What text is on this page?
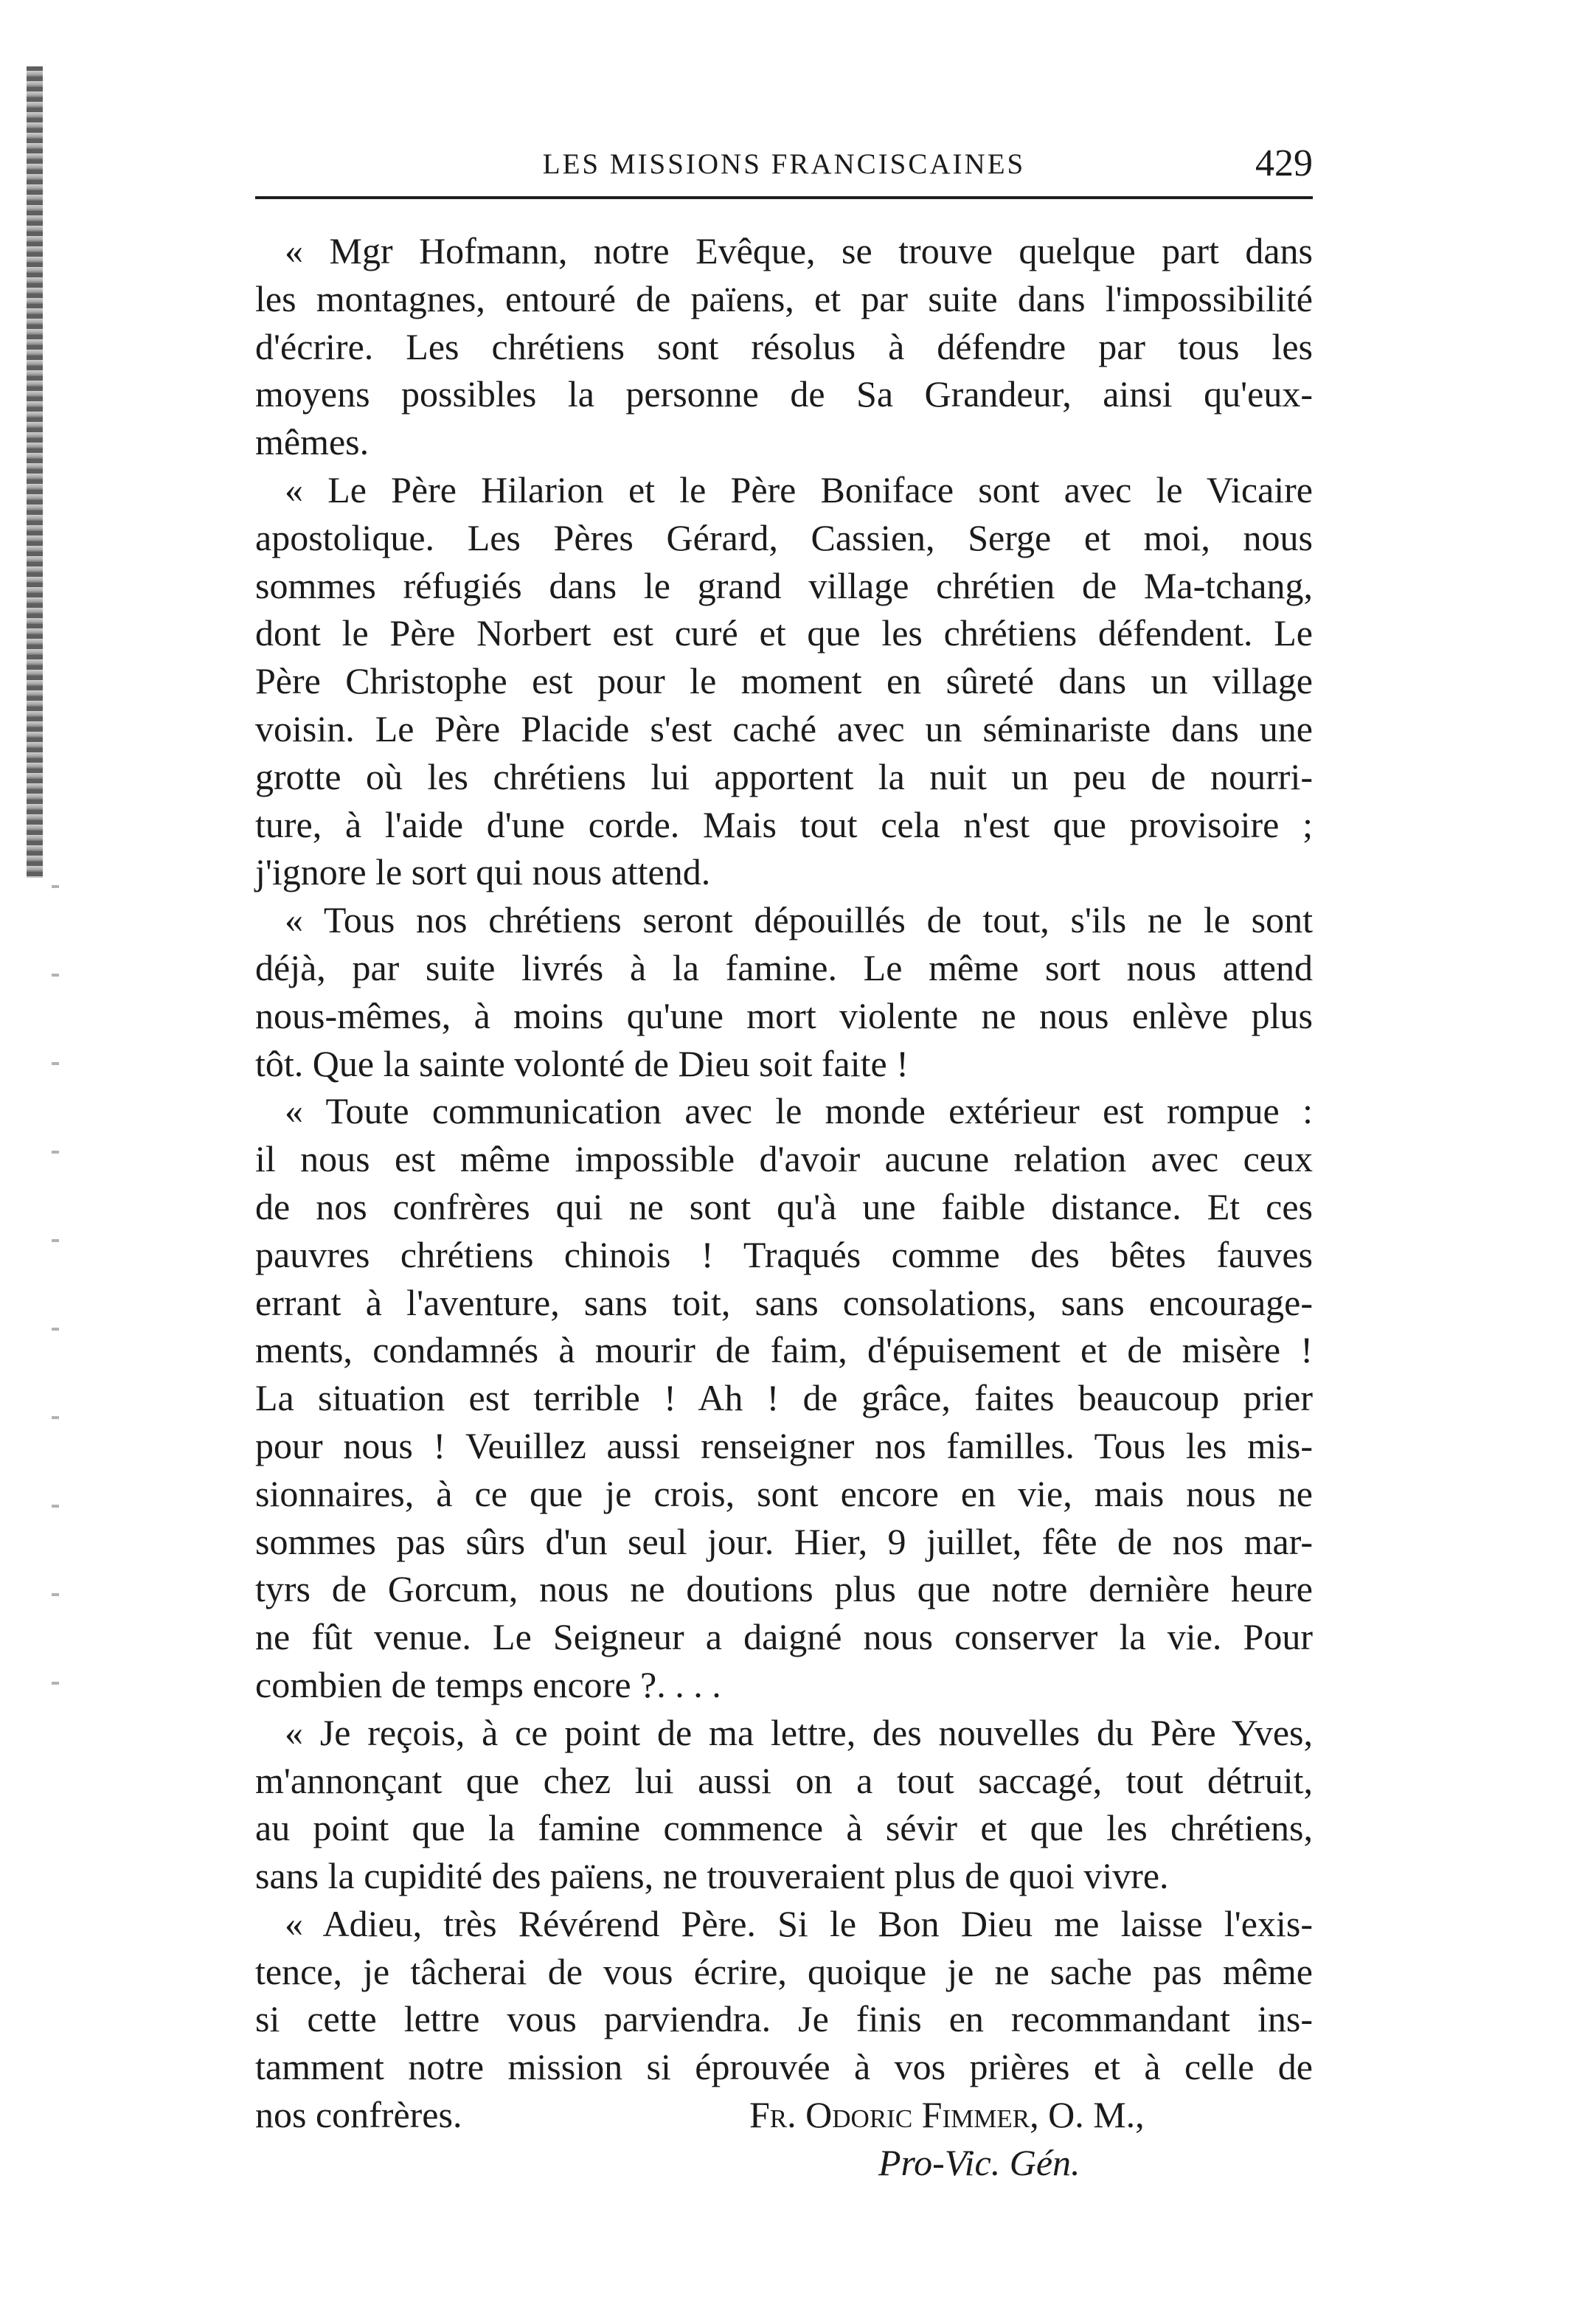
LES MISSIONS FRANCISCAINES	429

« Mgr Hofmann, notre Evêque, se trouve quelque part dans
les montagnes, entouré de païens, et par suite dans l'impossibilité
d'écrire. Les chrétiens sont résolus à défendre par tous les
moyens possibles la personne de Sa Grandeur, ainsi qu'eux-
mêmes.

« Le Père Hilarion et le Père Boniface sont avec le Vicaire
apostolique. Les Pères Gérard, Cassien, Serge et moi, nous
sommes réfugiés dans le grand village chrétien de Ma-tchang,
dont le Père Norbert est curé et que les chrétiens défendent. Le
Père Christophe est pour le moment en sûreté dans un village
voisin. Le Père Placide s'est caché avec un séminariste dans une
grotte où les chrétiens lui apportent la nuit un peu de nourri-
ture, à l'aide d'une corde. Mais tout cela n'est que provisoire ;
j'ignore le sort qui nous attend.

« Tous nos chrétiens seront dépouillés de tout, s'ils ne le sont
déjà, par suite livrés à la famine. Le même sort nous attend
nous-mêmes, à moins qu'une mort violente ne nous enlève plus
tôt. Que la sainte volonté de Dieu soit faite !

« Toute communication avec le monde extérieur est rompue :
il nous est même impossible d'avoir aucune relation avec ceux
de nos confrères qui ne sont qu'à une faible distance. Et ces
pauvres chrétiens chinois ! Traqués comme des bêtes fauves
errant à l'aventure, sans toit, sans consolations, sans encourage-
ments, condamnés à mourir de faim, d'épuisement et de misère !
La situation est terrible ! Ah ! de grâce, faites beaucoup prier
pour nous ! Veuillez aussi renseigner nos familles. Tous les mis-
sionnaires, à ce que je crois, sont encore en vie, mais nous ne
sommes pas sûrs d'un seul jour. Hier, 9 juillet, fête de nos mar-
tyrs de Gorcum, nous ne doutions plus que notre dernière heure
ne fût venue. Le Seigneur a daigné nous conserver la vie. Pour
combien de temps encore ?. . . .

« Je reçois, à ce point de ma lettre, des nouvelles du Père Yves,
m'annonçant que chez lui aussi on a tout saccagé, tout détruit,
au point que la famine commence à sévir et que les chrétiens,
sans la cupidité des païens, ne trouveraient plus de quoi vivre.

« Adieu, très Révérend Père. Si le Bon Dieu me laisse l'exis-
tence, je tâcherai de vous écrire, quoique je ne sache pas même
si cette lettre vous parviendra. Je finis en recommandant ins-
tamment notre mission si éprouvée à vos prières et à celle de

nos confrères.	Fr. Odoric Fimmer, O. M.,
Pro-Vic. Gén.
